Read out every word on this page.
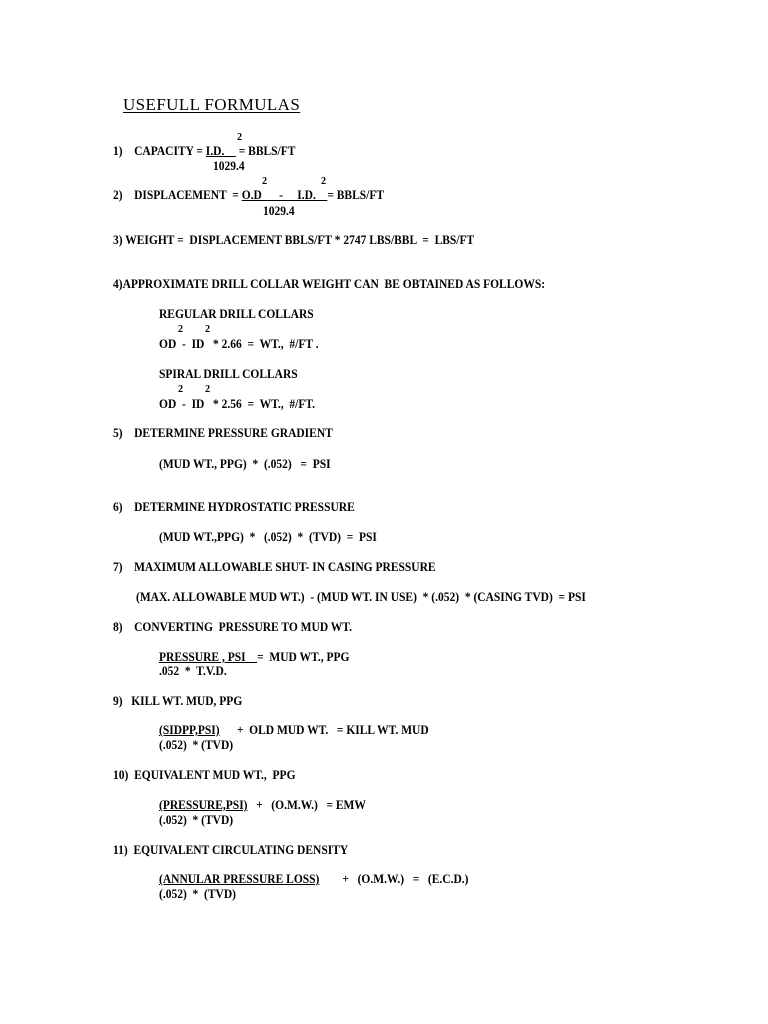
USEFULL FORMULAS
2
1)    CAPACITY = I.D.     = BBLS/FT
1029.4
2	2
2)    DISPLACEMENT  = O.D      -     I.D.    = BBLS/FT
1029.4
3) WEIGHT =  DISPLACEMENT BBLS/FT * 2747 LBS/BBL  =  LBS/FT
4)APPROXIMATE DRILL COLLAR WEIGHT CAN  BE OBTAINED AS FOLLOWS:
REGULAR DRILL COLLARS
2 2
OD  -  ID   * 2.66  =  WT.,  #/FT .
SPIRAL DRILL COLLARS
2 2
OD  -  ID   * 2.56  =  WT.,  #/FT.
5)    DETERMINE PRESSURE GRADIENT
(MUD WT., PPG)  *  (.052)   =  PSI
6)    DETERMINE HYDROSTATIC PRESSURE
(MUD WT.,PPG)  *   (.052)  *  (TVD)  =  PSI
7)    MAXIMUM ALLOWABLE SHUT- IN CASING PRESSURE
(MAX. ALLOWABLE MUD WT.)  - (MUD WT. IN USE)  * (.052)  * (CASING TVD)  = PSI
8)    CONVERTING  PRESSURE TO MUD WT.
PRESSURE , PSI    =  MUD WT., PPG
.052  *  T.V.D.
9)   KILL WT. MUD, PPG
(SIDPP,PSI)      +  OLD MUD WT.   = KILL WT. MUD
(.052)  * (TVD)
10)  EQUIVALENT MUD WT.,  PPG
(PRESSURE,PSI)   +   (O.M.W.)   = EMW
(.052)  * (TVD)
11)  EQUIVALENT CIRCULATING DENSITY
(ANNULAR PRESSURE LOSS)        +   (O.M.W.)   =   (E.C.D.)
(.052)  *  (TVD)
